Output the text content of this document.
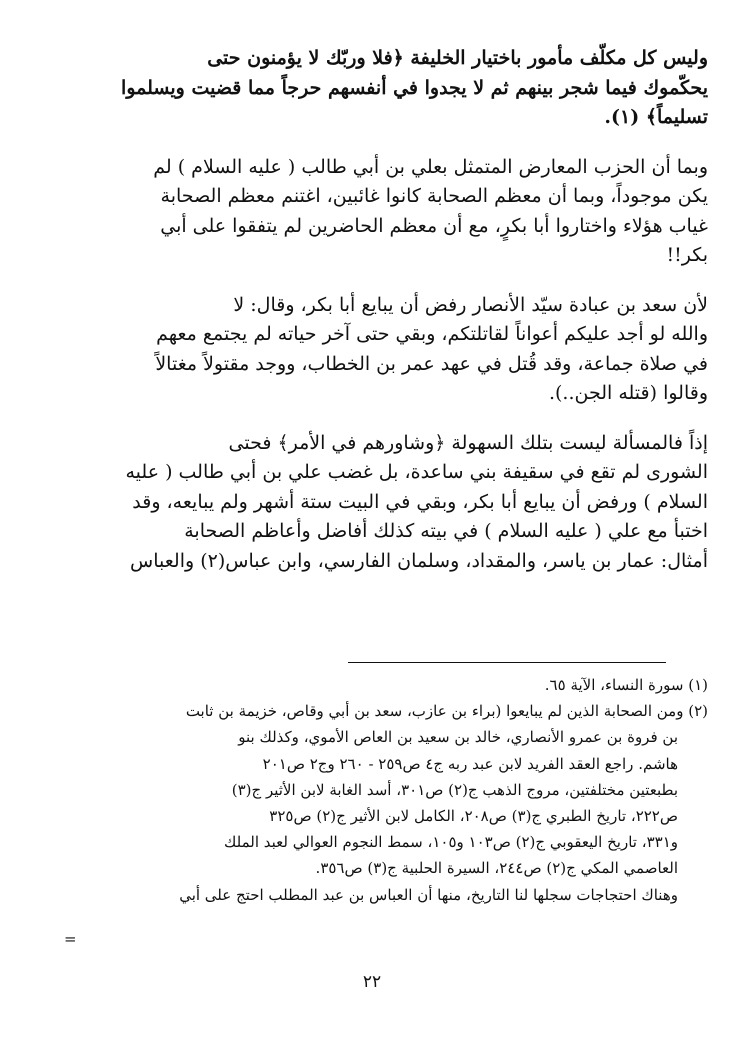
وليس كل مكلّف مأمور باختيار الخليفة ﴿فلا وربّك لا يؤمنون حتى
يحكّموك فيما شجر بينهم ثم لا يجدوا في أنفسهم حرجاً مما قضيت ويسلموا
تسليماً﴾ (١).

وبما أن الحزب المعارض المتمثل بعلي بن أبي طالب ( عليه السلام ) لم
يكن موجوداً، وبما أن معظم الصحابة كانوا غائبين، اغتنم معظم الصحابة
غياب هؤلاء واختاروا أبا بكرٍ، مع أن معظم الحاضرين لم يتفقوا على أبي
بكر!!

لأن سعد بن عبادة سيّد الأنصار رفض أن يبايع أبا بكر، وقال: لا
والله لو أجد عليكم أعواناً لقاتلتكم، وبقي حتى آخر حياته لم يجتمع معهم
في صلاة جماعة، وقد قُتل في عهد عمر بن الخطاب، ووجد مقتولاً مغتالاً
وقالوا (قتله الجن..).

إذاً فالمسألة ليست بتلك السهولة ﴿وشاورهم في الأمر﴾ فحتى
الشورى لم تقع في سقيفة بني ساعدة، بل غضب علي بن أبي طالب ( عليه
السلام ) ورفض أن يبايع أبا بكر، وبقي في البيت ستة أشهر ولم يبايعه، وقد
اختبأ مع علي ( عليه السلام ) في بيته كذلك أفاضل وأعاظم الصحابة
أمثال: عمار بن ياسر، والمقداد، وسلمان الفارسي، وابن عباس(٢) والعباس

(١) سورة النساء، الآية ٦٥.
(٢) ومن الصحابة الذين لم يبايعوا (براء بن عازب، سعد بن أبي وقاص، خزيمة بن ثابت
بن فروة بن عمرو الأنصاري، خالد بن سعيد بن العاص الأموي، وكذلك بنو
هاشم. راجع العقد الفريد لابن عبد ربه ج٤ ص٢٥٩ - ٢٦٠ وج٢ ص٢٠١
بطبعتين مختلفتين، مروج الذهب ج(٢) ص٣٠١، أسد الغابة لابن الأثير ج(٣)
ص٢٢٢، تاريخ الطبري ج(٣) ص٢٠٨، الكامل لابن الأثير ج(٢) ص٣٢٥
و٣٣١، تاريخ اليعقوبي ج(٢) ص١٠٣ و١٠٥، سمط النجوم العوالي لعبد الملك
العاصمي المكي ج(٢) ص٢٤٤، السيرة الحلبية ج(٣) ص٣٥٦.
وهناك احتجاجات سجلها لنا التاريخ، منها أن العباس بن عبد المطلب احتج على أبي
=
٢٢
